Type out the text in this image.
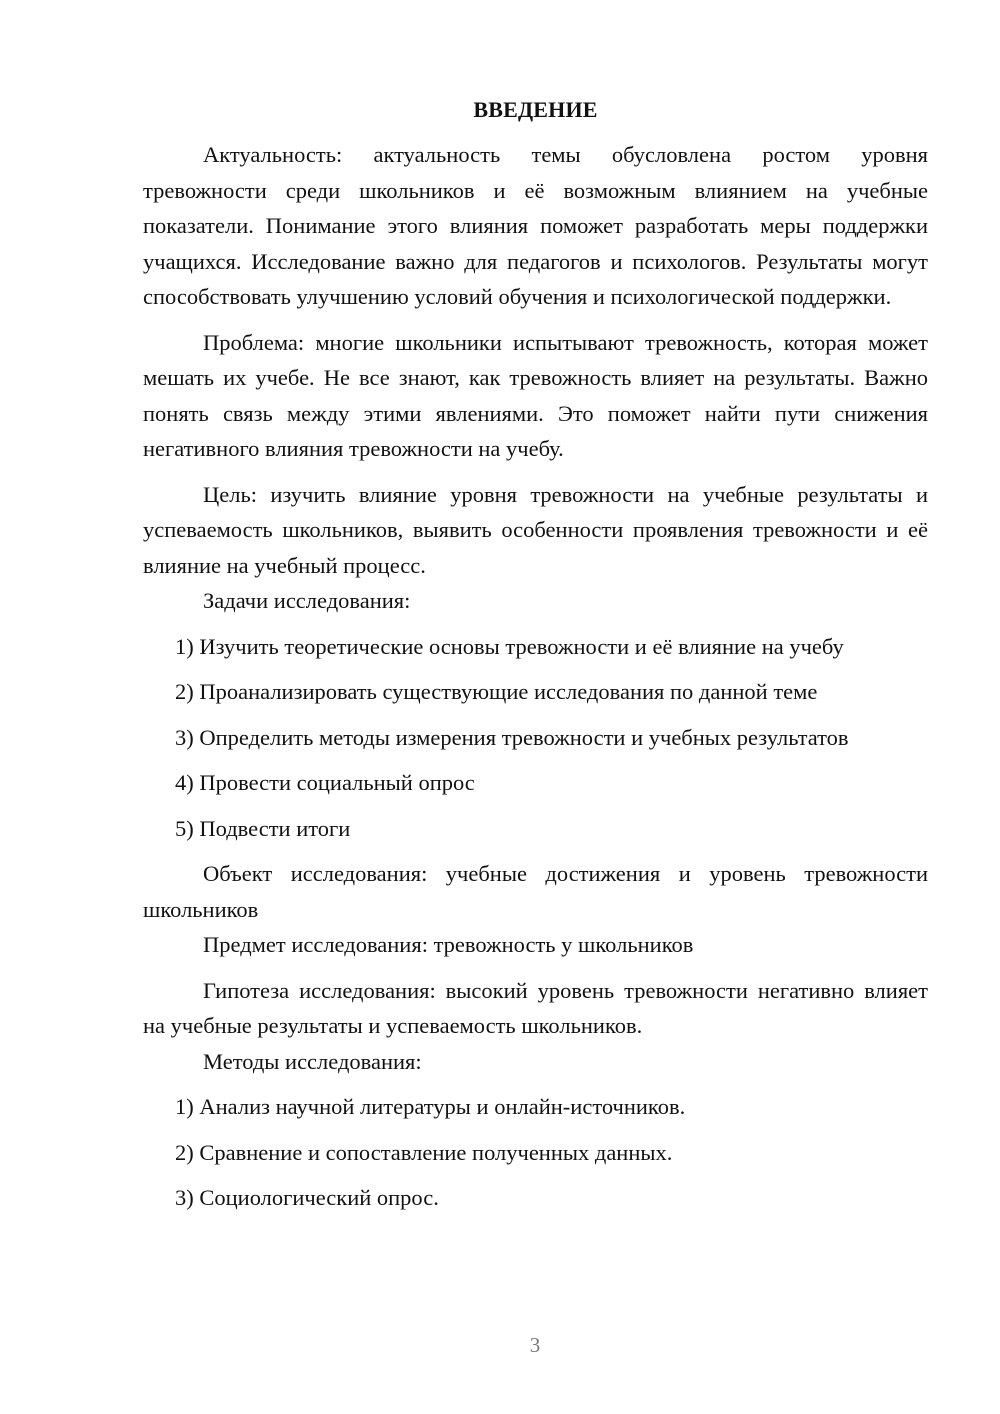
ВВЕДЕНИЕ

Актуальность: актуальность темы обусловлена ростом уровня тревожности среди школьников и её возможным влиянием на учебные показатели. Понимание этого влияния поможет разработать меры поддержки учащихся. Исследование важно для педагогов и психологов. Результаты могут способствовать улучшению условий обучения и психологической поддержки.

Проблема: многие школьники испытывают тревожность, которая может мешать их учебе. Не все знают, как тревожность влияет на результаты. Важно понять связь между этими явлениями. Это поможет найти пути снижения негативного влияния тревожности на учебу.

Цель: изучить влияние уровня тревожности на учебные результаты и успеваемость школьников, выявить особенности проявления тревожности и её влияние на учебный процесс.

Задачи исследования:

1) Изучить теоретические основы тревожности и её влияние на учебу
2) Проанализировать существующие исследования по данной теме
3) Определить методы измерения тревожности и учебных результатов
4) Провести социальный опрос
5) Подвести итоги

Объект исследования: учебные достижения и уровень тревожности школьников

Предмет исследования: тревожность у школьников

Гипотеза исследования: высокий уровень тревожности негативно влияет на учебные результаты и успеваемость школьников.

Методы исследования:

1) Анализ научной литературы и онлайн-источников.
2) Сравнение и сопоставление полученных данных.
3) Социологический опрос.
3
